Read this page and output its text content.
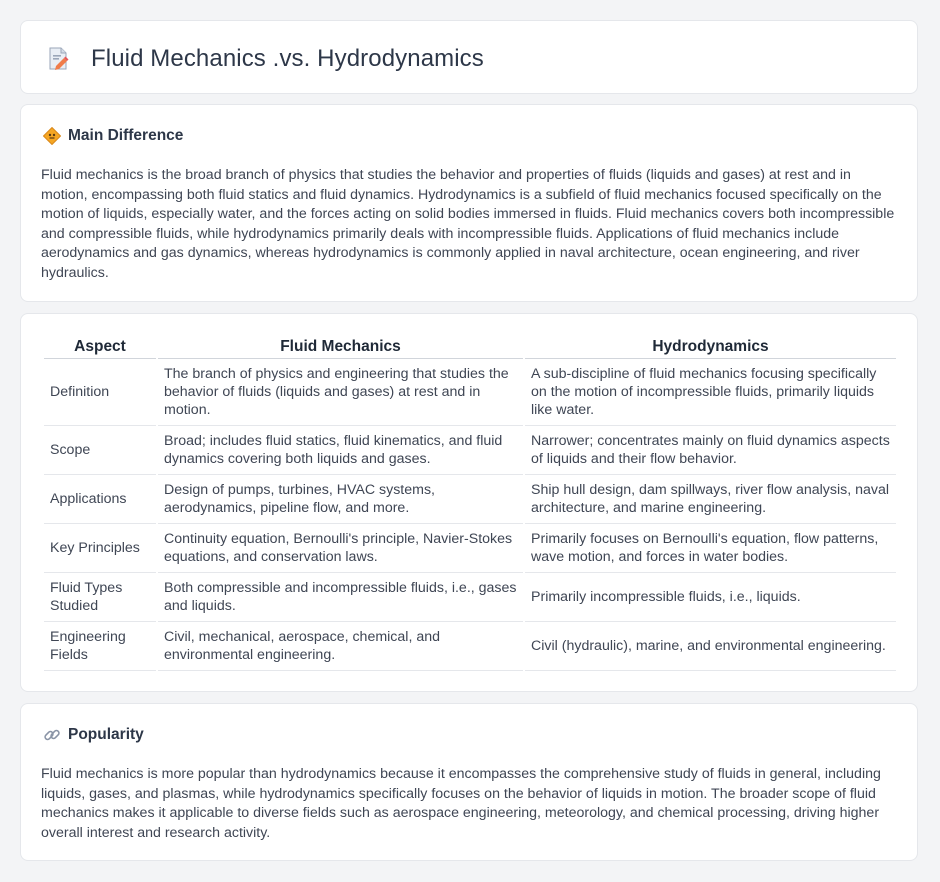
Fluid Mechanics .vs. Hydrodynamics
Main Difference

Fluid mechanics is the broad branch of physics that studies the behavior and properties of fluids (liquids and gases) at rest and in motion, encompassing both fluid statics and fluid dynamics. Hydrodynamics is a subfield of fluid mechanics focused specifically on the motion of liquids, especially water, and the forces acting on solid bodies immersed in fluids. Fluid mechanics covers both incompressible and compressible fluids, while hydrodynamics primarily deals with incompressible fluids. Applications of fluid mechanics include aerodynamics and gas dynamics, whereas hydrodynamics is commonly applied in naval architecture, ocean engineering, and river hydraulics.

Aspect	Fluid Mechanics	Hydrodynamics
Definition	The branch of physics and engineering that studies the behavior of fluids (liquids and gases) at rest and in motion.	A sub-discipline of fluid mechanics focusing specifically on the motion of incompressible fluids, primarily liquids like water.
Scope	Broad; includes fluid statics, fluid kinematics, and fluid dynamics covering both liquids and gases.	Narrower; concentrates mainly on fluid dynamics aspects of liquids and their flow behavior.
Applications	Design of pumps, turbines, HVAC systems, aerodynamics, pipeline flow, and more.	Ship hull design, dam spillways, river flow analysis, naval architecture, and marine engineering.
Key Principles	Continuity equation, Bernoulli's principle, Navier-Stokes equations, and conservation laws.	Primarily focuses on Bernoulli's equation, flow patterns, wave motion, and forces in water bodies.
Fluid Types Studied	Both compressible and incompressible fluids, i.e., gases and liquids.	Primarily incompressible fluids, i.e., liquids.
Engineering Fields	Civil, mechanical, aerospace, chemical, and environmental engineering.	Civil (hydraulic), marine, and environmental engineering.
Popularity

Fluid mechanics is more popular than hydrodynamics because it encompasses the comprehensive study of fluids in general, including liquids, gases, and plasmas, while hydrodynamics specifically focuses on the behavior of liquids in motion. The broader scope of fluid mechanics makes it applicable to diverse fields such as aerospace engineering, meteorology, and chemical processing, driving higher overall interest and research activity.
